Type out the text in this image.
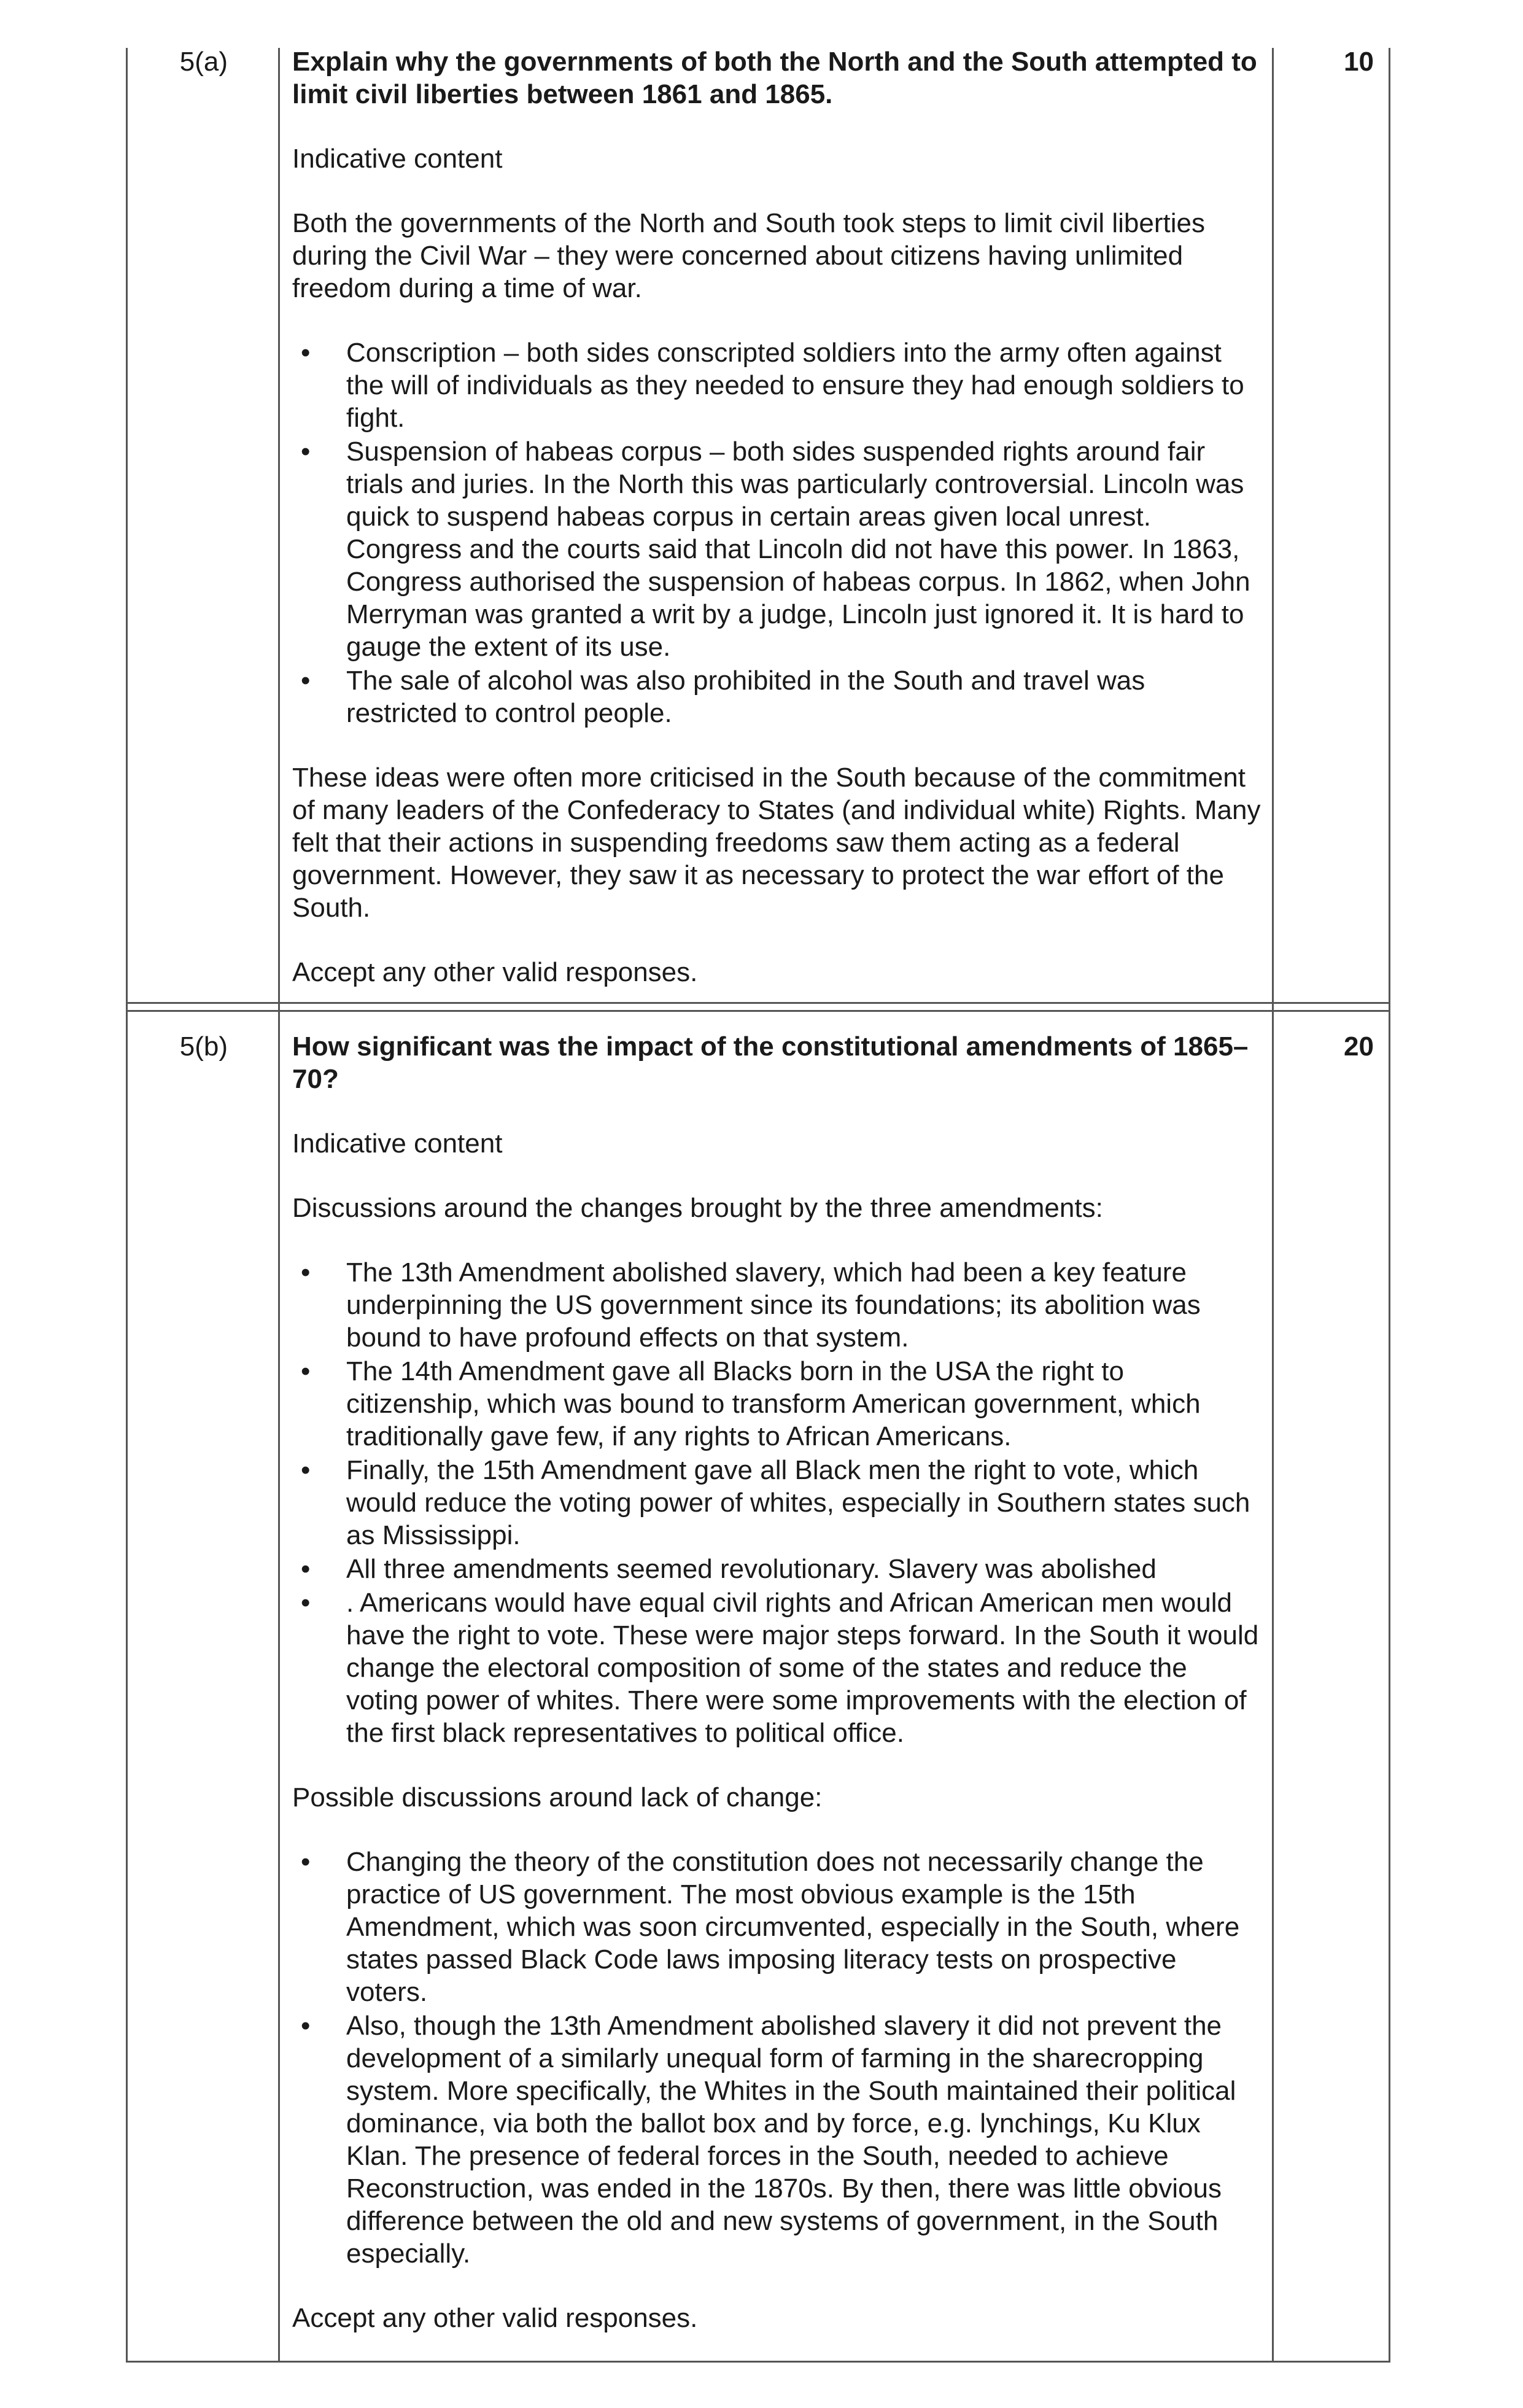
5(a)	10

Explain why the governments of both the North and the South attempted to limit civil liberties between 1861 and 1865.

Indicative content

Both the governments of the North and South took steps to limit civil liberties during the Civil War – they were concerned about citizens having unlimited freedom during a time of war.

• Conscription – both sides conscripted soldiers into the army often against the will of individuals as they needed to ensure they had enough soldiers to fight.
• Suspension of habeas corpus – both sides suspended rights around fair trials and juries. In the North this was particularly controversial. Lincoln was quick to suspend habeas corpus in certain areas given local unrest. Congress and the courts said that Lincoln did not have this power. In 1863, Congress authorised the suspension of habeas corpus. In 1862, when John Merryman was granted a writ by a judge, Lincoln just ignored it. It is hard to gauge the extent of its use.
• The sale of alcohol was also prohibited in the South and travel was restricted to control people.

These ideas were often more criticised in the South because of the commitment of many leaders of the Confederacy to States (and individual white) Rights. Many felt that their actions in suspending freedoms saw them acting as a federal government. However, they saw it as necessary to protect the war effort of the South.

Accept any other valid responses.

5(b)	20

How significant was the impact of the constitutional amendments of 1865–70?

Indicative content

Discussions around the changes brought by the three amendments:

• The 13th Amendment abolished slavery, which had been a key feature underpinning the US government since its foundations; its abolition was bound to have profound effects on that system.
• The 14th Amendment gave all Blacks born in the USA the right to citizenship, which was bound to transform American government, which traditionally gave few, if any rights to African Americans.
• Finally, the 15th Amendment gave all Black men the right to vote, which would reduce the voting power of whites, especially in Southern states such as Mississippi.
• All three amendments seemed revolutionary. Slavery was abolished
• . Americans would have equal civil rights and African American men would have the right to vote. These were major steps forward. In the South it would change the electoral composition of some of the states and reduce the voting power of whites. There were some improvements with the election of the first black representatives to political office.

Possible discussions around lack of change:

• Changing the theory of the constitution does not necessarily change the practice of US government. The most obvious example is the 15th Amendment, which was soon circumvented, especially in the South, where states passed Black Code laws imposing literacy tests on prospective voters.
• Also, though the 13th Amendment abolished slavery it did not prevent the development of a similarly unequal form of farming in the sharecropping system. More specifically, the Whites in the South maintained their political dominance, via both the ballot box and by force, e.g. lynchings, Ku Klux Klan. The presence of federal forces in the South, needed to achieve Reconstruction, was ended in the 1870s. By then, there was little obvious difference between the old and new systems of government, in the South especially.

Accept any other valid responses.
